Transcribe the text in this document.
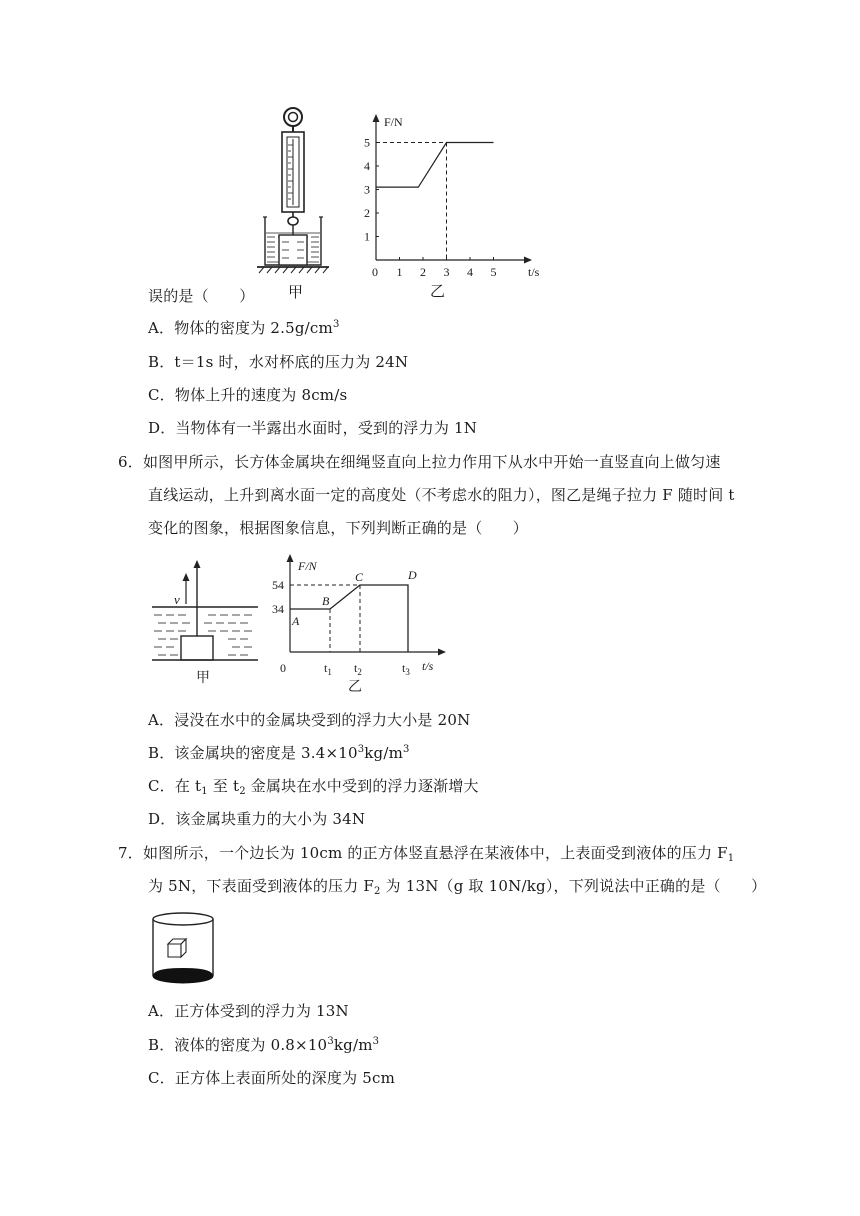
甲
F/N
t/s
0
1
2
3
4
5
1 2 3 4 5
乙
误的是（　　）
A．物体的密度为 $2.5g/cm^3$
B．t＝1s 时，水对杯底的压力为 24N
C．物体上升的速度为 8cm/s
D．当物体有一半露出水面时，受到的浮力为 1N
6．如图甲所示，长方体金属块在细绳竖直向上拉力作用下从水中开始一直竖直向上做匀速
直线运动，上升到离水面一定的高度处（不考虑水的阻力），图乙是绳子拉力 F 随时间 t
变化的图象，根据图象信息，下列判断正确的是（　　）
v
甲
F/N
t/s
0
54
34
A
B
C	D
$t_1$ $t_2$	$t_3$
乙
A．浸没在水中的金属块受到的浮力大小是 20N
B．该金属块的密度是 $3.4\times 10^3kg/m^3$
C．在 $t_1$ 至 $t_2$ 金属块在水中受到的浮力逐渐增大
D．该金属块重力的大小为 34N
7．如图所示，一个边长为 10cm 的正方体竖直悬浮在某液体中，上表面受到液体的压力 $F_1$
为 5N，下表面受到液体的压力 $F_2$ 为 13N（g 取 10N/kg），下列说法中正确的是（　　）
A．正方体受到的浮力为 13N
B．液体的密度为 $0.8\times 10^3kg/m^3$
C．正方体上表面所处的深度为 5cm
